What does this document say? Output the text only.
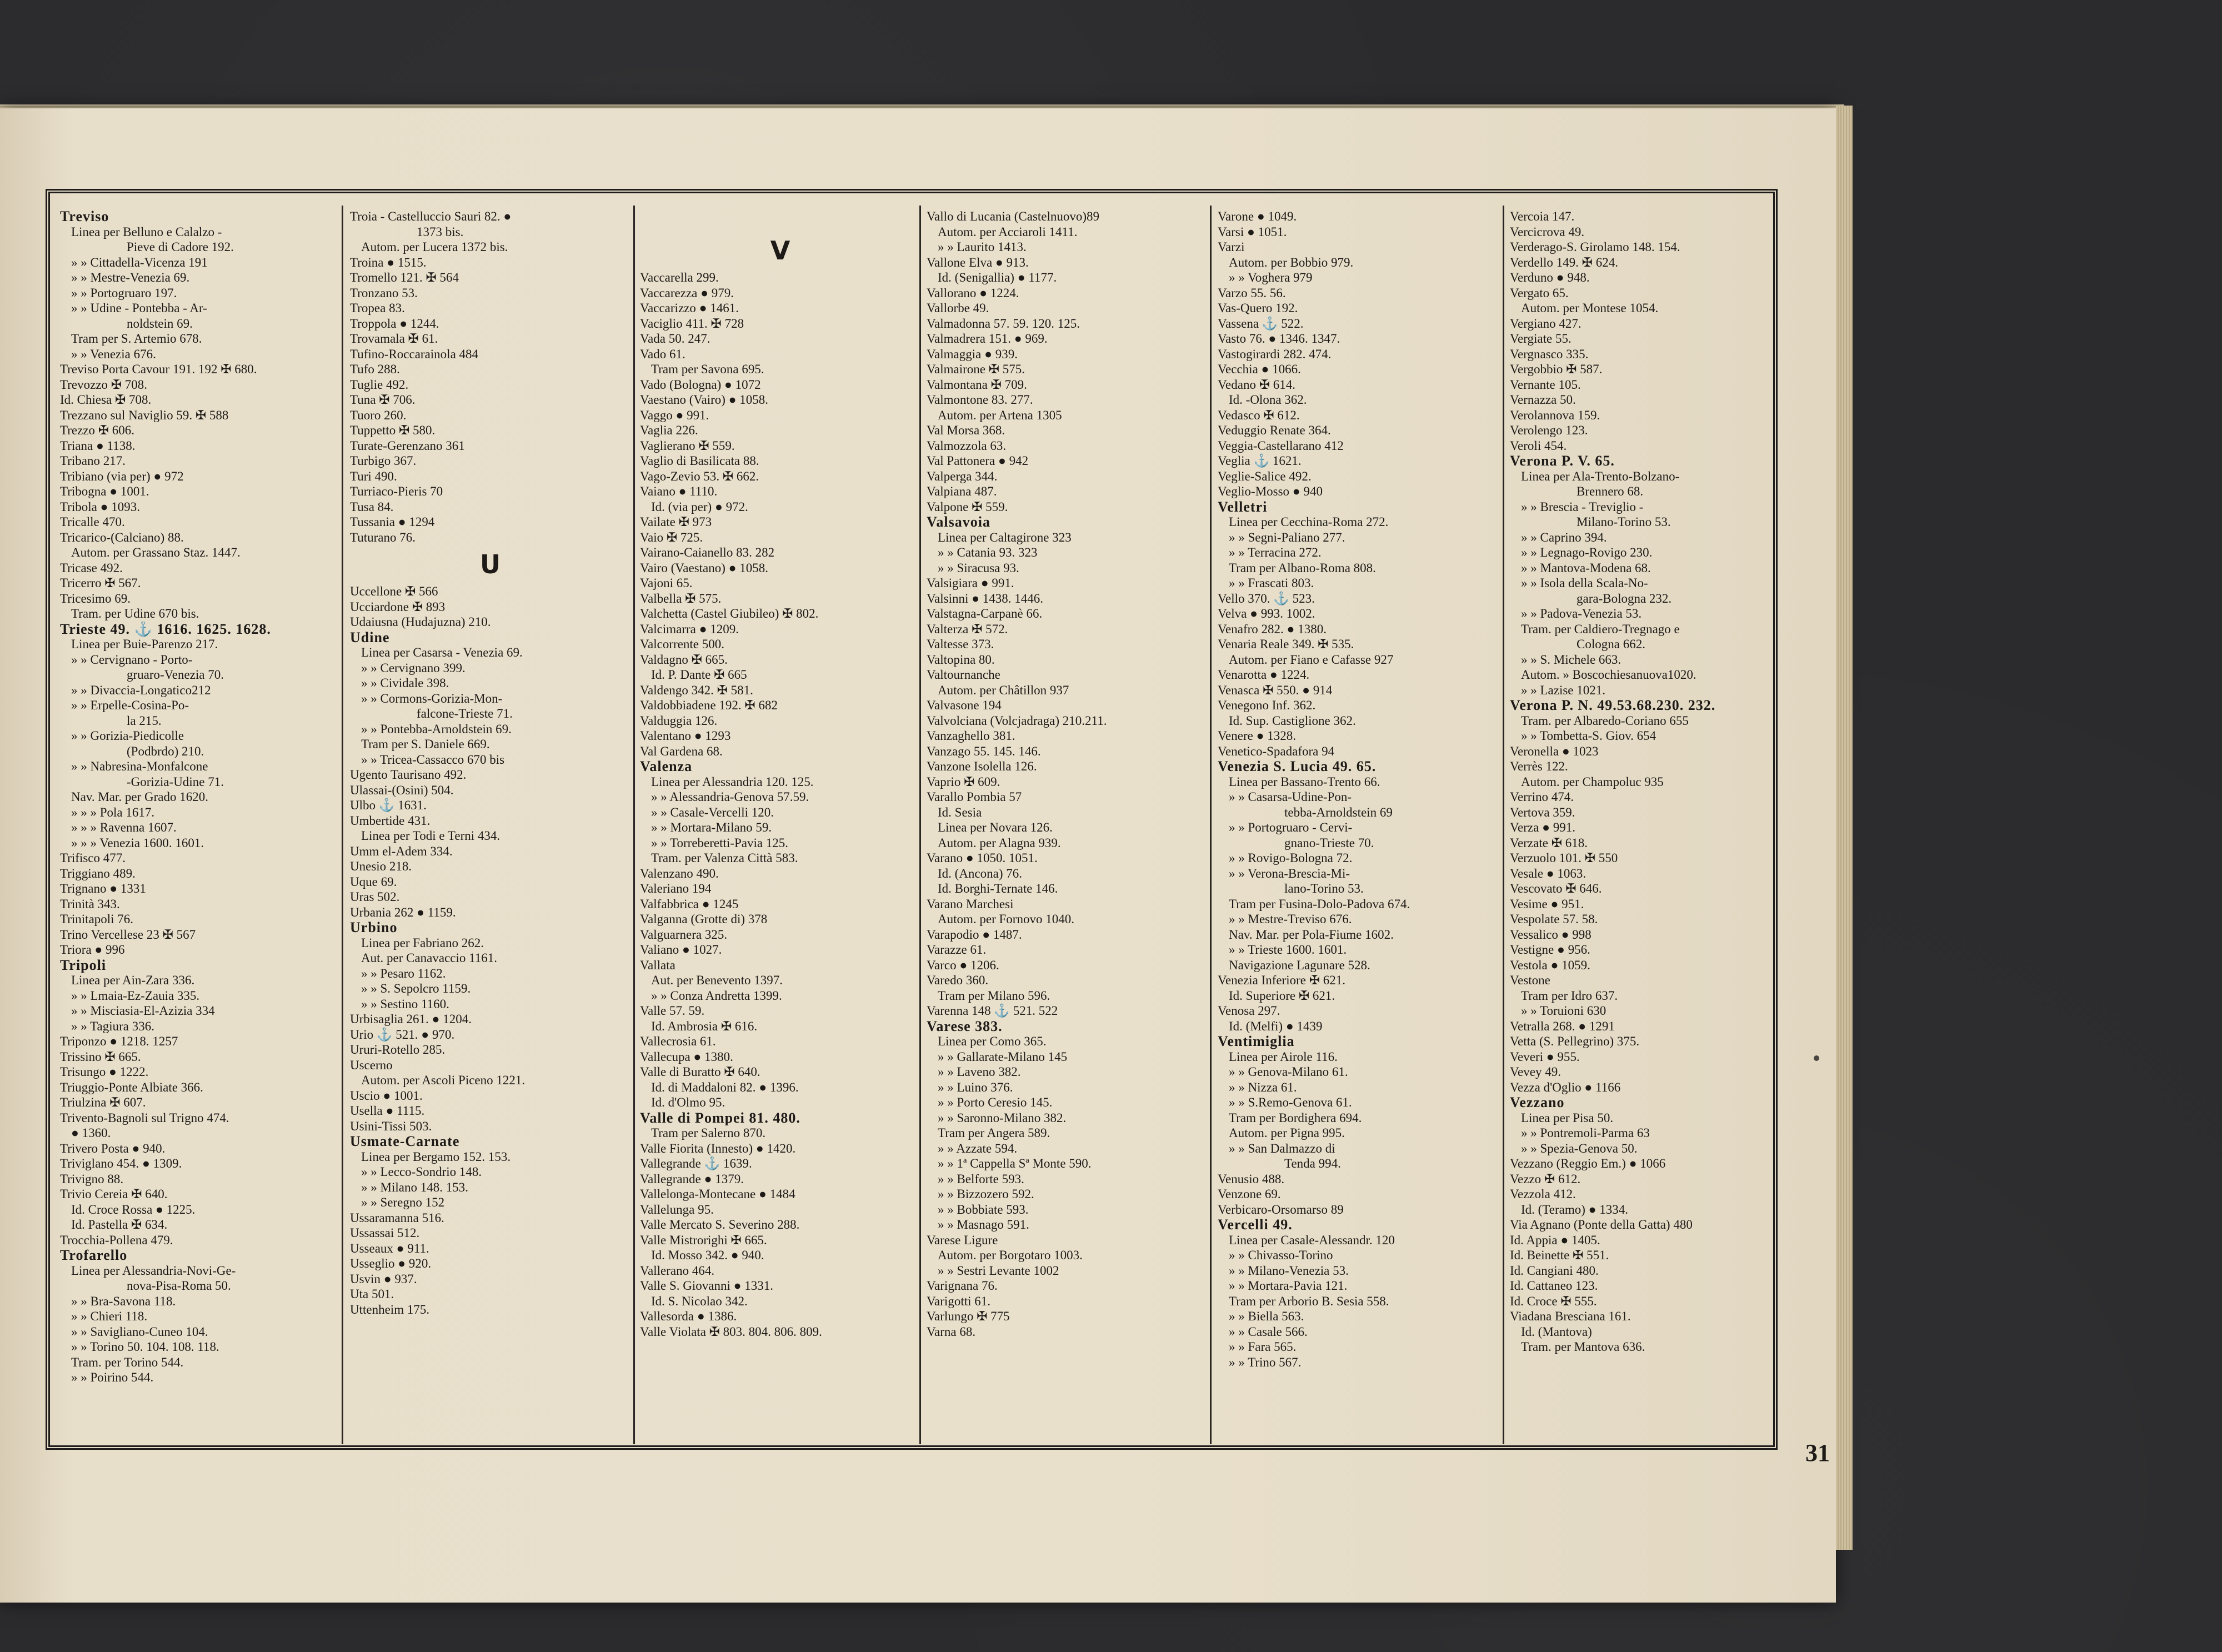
Treviso
Linea per Belluno e Calalzo -
Pieve di Cadore 192.
» » Cittadella-Vicenza 191
» » Mestre-Venezia 69.
» » Portogruaro 197.
» » Udine - Pontebba - Ar-
noldstein 69.
Tram per S. Artemio 678.
» » Venezia 676.
Treviso Porta Cavour 191. 192 ✠ 680.
Trevozzo ✠ 708.
Id. Chiesa ✠ 708.
Trezzano sul Naviglio 59. ✠ 588
Trezzo ✠ 606.
Triana ● 1138.
Tribano 217.
Tribiano (via per) ● 972
Tribogna ● 1001.
Tribola ● 1093.
Tricalle 470.
Tricarico-(Calciano) 88.
Autom. per Grassano Staz. 1447.
Tricase 492.
Tricerro ✠ 567.
Tricesimo 69.
Tram. per Udine 670 bis.
Trieste 49. ⚓ 1616. 1625. 1628.
Linea per Buie-Parenzo 217.
» » Cervignano - Porto-
gruaro-Venezia 70.
» » Divaccia-Longatico212
» » Erpelle-Cosina-Po-
la 215.
» » Gorizia-Piedicolle
(Podbrdo) 210.
» » Nabresina-Monfalcone
-Gorizia-Udine 71.
Nav. Mar. per Grado 1620.
» » » Pola 1617.
» » » Ravenna 1607.
» » » Venezia 1600. 1601.
Trifisco 477.
Triggiano 489.
Trignano ● 1331
Trinità 343.
Trinitapoli 76.
Trino Vercellese 23 ✠ 567
Triora ● 996
Tripoli
Linea per Ain-Zara 336.
» » Lmaia-Ez-Zauia 335.
» » Misciasia-El-Azizia 334
» » Tagiura 336.
Triponzo ● 1218. 1257
Trissino ✠ 665.
Trisungo ● 1222.
Triuggio-Ponte Albiate 366.
Triulzina ✠ 607.
Trivento-Bagnoli sul Trigno 474.
● 1360.
Trivero Posta ● 940.
Triviglano 454. ● 1309.
Trivigno 88.
Trivio Cereia ✠ 640.
Id. Croce Rossa ● 1225.
Id. Pastella ✠ 634.
Trocchia-Pollena 479.
Trofarello
Linea per Alessandria-Novi-Ge-
nova-Pisa-Roma 50.
» » Bra-Savona 118.
» » Chieri 118.
» » Savigliano-Cuneo 104.
» » Torino 50. 104. 108. 118.
Tram. per Torino 544.
» » Poirino 544.
Troia - Castelluccio Sauri 82. ●
1373 bis.
Autom. per Lucera 1372 bis.
Troina ● 1515.
Tromello 121. ✠ 564
Tronzano 53.
Tropea 83.
Troppola ● 1244.
Trovamala ✠ 61.
Tufino-Roccarainola 484
Tufo 288.
Tuglie 492.
Tuna ✠ 706.
Tuoro 260.
Tuppetto ✠ 580.
Turate-Gerenzano 361
Turbigo 367.
Turi 490.
Turriaco-Pieris 70
Tusa 84.
Tussania ● 1294
Tuturano 76.
U
Uccellone ✠ 566
Ucciardone ✠ 893
Udaiusna (Hudajuzna) 210.
Udine
Linea per Casarsa - Venezia 69.
» » Cervignano 399.
» » Cividale 398.
» » Cormons-Gorizia-Mon-
falcone-Trieste 71.
» » Pontebba-Arnoldstein 69.
Tram per S. Daniele 669.
» » Tricea-Cassacco 670 bis
Ugento Taurisano 492.
Ulassai-(Osini) 504.
Ulbo ⚓ 1631.
Umbertide 431.
Linea per Todi e Terni 434.
Umm el-Adem 334.
Unesio 218.
Uque 69.
Uras 502.
Urbania 262 ● 1159.
Urbino
Linea per Fabriano 262.
Aut. per Canavaccio 1161.
» » Pesaro 1162.
» » S. Sepolcro 1159.
» » Sestino 1160.
Urbisaglia 261. ● 1204.
Urio ⚓ 521. ● 970.
Ururi-Rotello 285.
Uscerno
Autom. per Ascoli Piceno 1221.
Uscio ● 1001.
Usella ● 1115.
Usini-Tissi 503.
Usmate-Carnate
Linea per Bergamo 152. 153.
» » Lecco-Sondrio 148.
» » Milano 148. 153.
» » Seregno 152
Ussaramanna 516.
Ussassai 512.
Usseaux ● 911.
Usseglio ● 920.
Usvin ● 937.
Uta 501.
Uttenheim 175.
V
Vaccarella 299.
Vaccarezza ● 979.
Vaccarizzo ● 1461.
Vaciglio 411. ✠ 728
Vada 50. 247.
Vado 61.
Tram per Savona 695.
Vado (Bologna) ● 1072
Vaestano (Vairo) ● 1058.
Vaggo ● 991.
Vaglia 226.
Vaglierano ✠ 559.
Vaglio di Basilicata 88.
Vago-Zevio 53. ✠ 662.
Vaiano ● 1110.
Id. (via per) ● 972.
Vailate ✠ 973
Vaio ✠ 725.
Vairano-Caianello 83. 282
Vairo (Vaestano) ● 1058.
Vajoni 65.
Valbella ✠ 575.
Valchetta (Castel Giubileo) ✠ 802.
Valcimarra ● 1209.
Valcorrente 500.
Valdagno ✠ 665.
Id. P. Dante ✠ 665
Valdengo 342. ✠ 581.
Valdobbiadene 192. ✠ 682
Valduggia 126.
Valentano ● 1293
Val Gardena 68.
Valenza
Linea per Alessandria 120. 125.
» » Alessandria-Genova 57.59.
» » Casale-Vercelli 120.
» » Mortara-Milano 59.
» » Torreberetti-Pavia 125.
Tram. per Valenza Città 583.
Valenzano 490.
Valeriano 194
Valfabbrica ● 1245
Valganna (Grotte di) 378
Valguarnera 325.
Valiano ● 1027.
Vallata
Aut. per Benevento 1397.
» » Conza Andretta 1399.
Valle 57. 59.
Id. Ambrosia ✠ 616.
Vallecrosia 61.
Vallecupa ● 1380.
Valle di Buratto ✠ 640.
Id. di Maddaloni 82. ● 1396.
Id. d'Olmo 95.
Valle di Pompei 81. 480.
Tram per Salerno 870.
Valle Fiorita (Innesto) ● 1420.
Vallegrande ⚓ 1639.
Vallegrande ● 1379.
Vallelonga-Montecane ● 1484
Vallelunga 95.
Valle Mercato S. Severino 288.
Valle Mistrorighi ✠ 665.
Id. Mosso 342. ● 940.
Vallerano 464.
Valle S. Giovanni ● 1331.
Id. S. Nicolao 342.
Vallesorda ● 1386.
Valle Violata ✠ 803. 804. 806. 809.
Vallo di Lucania (Castelnuovo)89
Autom. per Acciaroli 1411.
» » Laurito 1413.
Vallone Elva ● 913.
Id. (Senigallia) ● 1177.
Vallorano ● 1224.
Vallorbe 49.
Valmadonna 57. 59. 120. 125.
Valmadrera 151. ● 969.
Valmaggia ● 939.
Valmairone ✠ 575.
Valmontana ✠ 709.
Valmontone 83. 277.
Autom. per Artena 1305
Val Morsa 368.
Valmozzola 63.
Val Pattonera ● 942
Valperga 344.
Valpiana 487.
Valpone ✠ 559.
Valsavoia
Linea per Caltagirone 323
» » Catania 93. 323
» » Siracusa 93.
Valsigiara ● 991.
Valsinni ● 1438. 1446.
Valstagna-Carpanè 66.
Valterza ✠ 572.
Valtesse 373.
Valtopina 80.
Valtournanche
Autom. per Châtillon 937
Valvasone 194
Valvolciana (Volcjadraga) 210.211.
Vanzaghello 381.
Vanzago 55. 145. 146.
Vanzone Isolella 126.
Vaprio ✠ 609.
Varallo Pombia 57
Id. Sesia
Linea per Novara 126.
Autom. per Alagna 939.
Varano ● 1050. 1051.
Id. (Ancona) 76.
Id. Borghi-Ternate 146.
Varano Marchesi
Autom. per Fornovo 1040.
Varapodio ● 1487.
Varazze 61.
Varco ● 1206.
Varedo 360.
Tram per Milano 596.
Varenna 148 ⚓ 521. 522
Varese 383.
Linea per Como 365.
» » Gallarate-Milano 145
» » Laveno 382.
» » Luino 376.
» » Porto Ceresio 145.
» » Saronno-Milano 382.
Tram per Angera 589.
» » Azzate 594.
» » 1ª Cappella Sª Monte 590.
» » Belforte 593.
» » Bizzozero 592.
» » Bobbiate 593.
» » Masnago 591.
Varese Ligure
Autom. per Borgotaro 1003.
» » Sestri Levante 1002
Varignana 76.
Varigotti 61.
Varlungo ✠ 775
Varna 68.
Varone ● 1049.
Varsi ● 1051.
Varzi
Autom. per Bobbio 979.
» » Voghera 979
Varzo 55. 56.
Vas-Quero 192.
Vassena ⚓ 522.
Vasto 76. ● 1346. 1347.
Vastogirardi 282. 474.
Vecchia ● 1066.
Vedano ✠ 614.
Id. -Olona 362.
Vedasco ✠ 612.
Veduggio Renate 364.
Veggia-Castellarano 412
Veglia ⚓ 1621.
Veglie-Salice 492.
Veglio-Mosso ● 940
Velletri
Linea per Cecchina-Roma 272.
» » Segni-Paliano 277.
» » Terracina 272.
Tram per Albano-Roma 808.
» » Frascati 803.
Vello 370. ⚓ 523.
Velva ● 993. 1002.
Venafro 282. ● 1380.
Venaria Reale 349. ✠ 535.
Autom. per Fiano e Cafasse 927
Venarotta ● 1224.
Venasca ✠ 550. ● 914
Venegono Inf. 362.
Id. Sup. Castiglione 362.
Venere ● 1328.
Venetico-Spadafora 94
Venezia S. Lucia 49. 65.
Linea per Bassano-Trento 66.
» » Casarsa-Udine-Pon-
tebba-Arnoldstein 69
» » Portogruaro - Cervi-
gnano-Trieste 70.
» » Rovigo-Bologna 72.
» » Verona-Brescia-Mi-
lano-Torino 53.
Tram per Fusina-Dolo-Padova 674.
» » Mestre-Treviso 676.
Nav. Mar. per Pola-Fiume 1602.
» » Trieste 1600. 1601.
Navigazione Lagunare 528.
Venezia Inferiore ✠ 621.
Id. Superiore ✠ 621.
Venosa 297.
Id. (Melfi) ● 1439
Ventimiglia
Linea per Airole 116.
» » Genova-Milano 61.
» » Nizza 61.
» » S.Remo-Genova 61.
Tram per Bordighera 694.
Autom. per Pigna 995.
» » San Dalmazzo di
Tenda 994.
Venusio 488.
Venzone 69.
Verbicaro-Orsomarso 89
Vercelli 49.
Linea per Casale-Alessandr. 120
» » Chivasso-Torino
» » Milano-Venezia 53.
» » Mortara-Pavia 121.
Tram per Arborio B. Sesia 558.
» » Biella 563.
» » Casale 566.
» » Fara 565.
» » Trino 567.
Vercoia 147.
Vercicrova 49.
Verderago-S. Girolamo 148. 154.
Verdello 149. ✠ 624.
Verduno ● 948.
Vergato 65.
Autom. per Montese 1054.
Vergiano 427.
Vergiate 55.
Vergnasco 335.
Vergobbio ✠ 587.
Vernante 105.
Vernazza 50.
Verolannova 159.
Verolengo 123.
Veroli 454.
Verona P. V. 65.
Linea per Ala-Trento-Bolzano-
Brennero 68.
» » Brescia - Treviglio -
Milano-Torino 53.
» » Caprino 394.
» » Legnago-Rovigo 230.
» » Mantova-Modena 68.
» » Isola della Scala-No-
gara-Bologna 232.
» » Padova-Venezia 53.
Tram. per Caldiero-Tregnago e
Cologna 662.
» » S. Michele 663.
Autom. » Boscochiesanuova1020.
» » Lazise 1021.
Verona P. N. 49.53.68.230. 232.
Tram. per Albaredo-Coriano 655
» » Tombetta-S. Giov. 654
Veronella ● 1023
Verrès 122.
Autom. per Champoluc 935
Verrino 474.
Vertova 359.
Verza ● 991.
Verzate ✠ 618.
Verzuolo 101. ✠ 550
Vesale ● 1063.
Vescovato ✠ 646.
Vesime ● 951.
Vespolate 57. 58.
Vessalico ● 998
Vestigne ● 956.
Vestola ● 1059.
Vestone
Tram per Idro 637.
» » Toruioni 630
Vetralla 268. ● 1291
Vetta (S. Pellegrino) 375.
Veveri ● 955.
Vevey 49.
Vezza d'Oglio ● 1166
Vezzano
Linea per Pisa 50.
» » Pontremoli-Parma 63
» » Spezia-Genova 50.
Vezzano (Reggio Em.) ● 1066
Vezzo ✠ 612.
Vezzola 412.
Id. (Teramo) ● 1334.
Via Agnano (Ponte della Gatta) 480
Id. Appia ● 1405.
Id. Beinette ✠ 551.
Id. Cangiani 480.
Id. Cattaneo 123.
Id. Croce ✠ 555.
Viadana Bresciana 161.
Id. (Mantova)
Tram. per Mantova 636.
31
